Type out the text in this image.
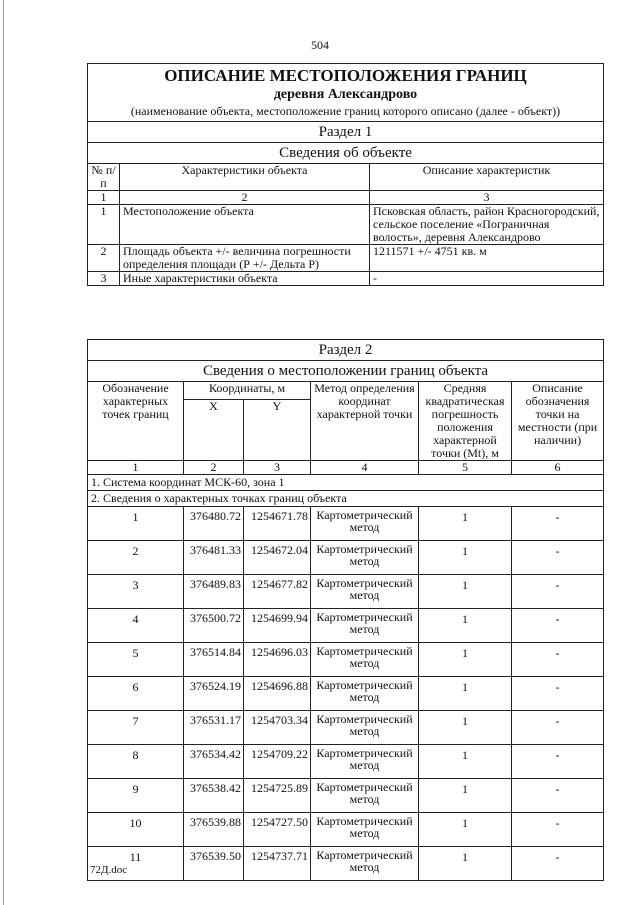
504
ОПИСАНИЕ МЕСТОПОЛОЖЕНИЯ ГРАНИЦ
деревня Александрово
(наименование объекта, местоположение границ которого описано (далее - объект))		

Раздел 1		
Сведения об объекте		
№ п/п	Характеристики объекта	Описание характеристик
1	2	3
1	Местоположение объекта	Псковская область, район Красногородский, сельское поселение «Пограничная волость», деревня Александрово
2	Площадь объекта +/- величина погрешности определения площади (Р +/- Дельта Р)	1211571 +/- 4751 кв. м
3	Иные характеристики объекта	-
Раздел 2					
Сведения о местоположении границ объекта					
Обозначение характерных точек границ	Координаты, м		Метод определения координат характерной точки	Средняя квадратическая погрешность положения характерной точки (Mt), м	Описание обозначения точки на местности (при наличии)
	X	Y			
1	2	3	4	5	6
1. Система координат МСК-60, зона 1					
2. Сведения о характерных точках границ объекта					
1	376480.72	1254671.78	Картометрический метод	1	-
2	376481.33	1254672.04	Картометрический метод	1	-
3	376489.83	1254677.82	Картометрический метод	1	-
4	376500.72	1254699.94	Картометрический метод	1	-
5	376514.84	1254696.03	Картометрический метод	1	-
6	376524.19	1254696.88	Картометрический метод	1	-
7	376531.17	1254703.34	Картометрический метод	1	-
8	376534.42	1254709.22	Картометрический метод	1	-
9	376538.42	1254725.89	Картометрический метод	1	-
10	376539.88	1254727.50	Картометрический метод	1	-
11	376539.50	1254737.71	Картометрический метод	1	-
72Д.doc
